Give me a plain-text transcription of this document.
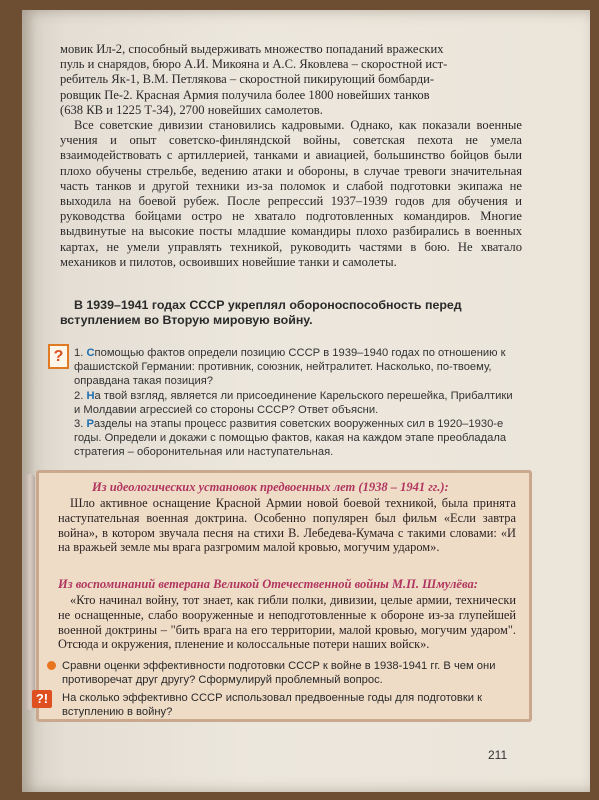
мовик Ил-2, способный выдерживать множество попаданий вражеских
пуль и снарядов, бюро А.И. Микояна и А.С. Яковлева – скоростной ист-
ребитель Як-1, В.М. Петлякова – скоростной пикирующий бомбарди-
ровщик Пе-2. Красная Армия получила более 1800 новейших танков
(638 КВ и 1225 Т-34), 2700 новейших самолетов.

Все советские дивизии становились кадровыми. Однако, как показали военные учения и опыт советско-финляндской войны, советская пехота не умела взаимодействовать с артиллерией, танками и авиацией, большинство бойцов были плохо обучены стрельбе, ведению атаки и обороны, в случае тревоги значительная часть танков и другой техники из-за поломок и слабой подготовки экипажа не выходила на боевой рубеж. После репрессий 1937–1939 годов для обучения и руководства бойцами остро не хватало подготовленных командиров. Многие выдвинутые на высокие посты младшие командиры плохо разбирались в военных картах, не умели управлять техникой, руководить частями в бою. Не хватало механиков и пилотов, освоивших новейшие танки и самолеты.

В 1939–1941 годах СССР укреплял обороноспособность перед вступлением во Вторую мировую войну.
? 1. Спомощью фактов определи позицию СССР в 1939–1940 годах по отношению к фашистской Германии: противник, союзник, нейтралитет. Насколько, по-твоему, оправдана такая позиция?

2. На твой взгляд, является ли присоединение Карельского перешейка, Прибалтики и Молдавии агрессией со стороны СССР? Ответ объясни.

3. Разделы на этапы процесс развития советских вооруженных сил в 1920–1930-е годы. Определи и докажи с помощью фактов, какая на каждом этапе преобладала стратегия – оборонительная или наступательная.

Из идеологических установок предвоенных лет (1938 – 1941 гг.):
Шло активное оснащение Красной Армии новой боевой техникой, была принята наступательная военная доктрина. Особенно популярен был фильм «Если завтра война», в котором звучала песня на стихи В. Лебедева-Кумача с такими словами: «И на вражьей земле мы врага разгромим малой кровью, могучим ударом».
Из воспоминаний ветерана Великой Отечественной войны М.П. Шмулёва:
«Кто начинал войну, тот знает, как гибли полки, дивизии, целые армии, технически не оснащенные, слабо вооруженные и неподготовленные к обороне из-за глупейшей военной доктрины – "бить врага на его территории, малой кровью, могучим ударом". Отсюда и окружения, пленение и колоссальные потери наших войск».
Сравни оценки эффективности подготовки СССР к войне в 1938-1941 гг. В чем они противоречат друг другу? Сформулируй проблемный вопрос.
?!	На сколько эффективно СССР использовал предвоенные годы для подготовки к вступлению в войну?
211
